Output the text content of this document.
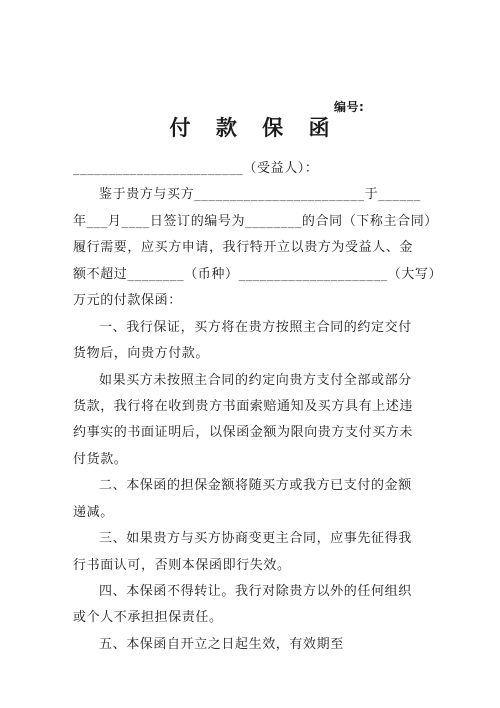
编号:
付 款 保 函
________________________（受益人）：
鉴于贵方与买方________________________于______
年___月____日签订的编号为________的合同（下称主合同）
履行需要，应买方申请，我行特开立以贵方为受益人、金
额不超过________（币种）_____________________（大写）
万元的付款保函：
一、我行保证，买方将在贵方按照主合同的约定交付
货物后，向贵方付款。
如果买方未按照主合同的约定向贵方支付全部或部分
货款，我行将在收到贵方书面索赔通知及买方具有上述违
约事实的书面证明后，以保函金额为限向贵方支付买方未
付货款。
二、本保函的担保金额将随买方或我方已支付的金额
递减。
三、如果贵方与买方协商变更主合同，应事先征得我
行书面认可，否则本保函即行失效。
四、本保函不得转让。我行对除贵方以外的任何组织
或个人不承担担保责任。
五、本保函自开立之日起生效，有效期至
